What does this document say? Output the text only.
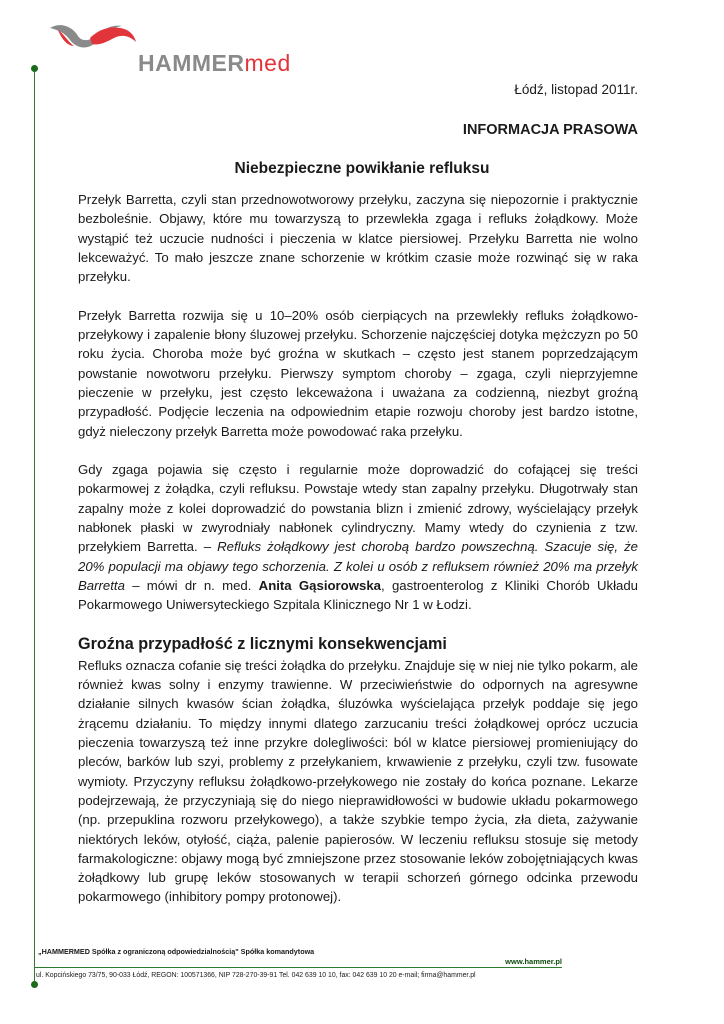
HAMMERmed
Łódź, listopad 2011r.
INFORMACJA PRASOWA
Niebezpieczne powikłanie refluksu

Przełyk Barretta, czyli stan przednowotworowy przełyku, zaczyna się niepozornie i praktycznie bezboleśnie. Objawy, które mu towarzyszą to przewlekła zgaga i refluks żołądkowy. Może wystąpić też uczucie nudności i pieczenia w klatce piersiowej. Przełyku Barretta nie wolno lekceważyć. To mało jeszcze znane schorzenie w krótkim czasie może rozwinąć się w raka przełyku.

Przełyk Barretta rozwija się u 10–20% osób cierpiących na przewlekły refluks żołądkowo-przełykowy i zapalenie błony śluzowej przełyku. Schorzenie najczęściej dotyka mężczyzn po 50 roku życia. Choroba może być groźna w skutkach – często jest stanem poprzedzającym powstanie nowotworu przełyku. Pierwszy symptom choroby – zgaga, czyli nieprzyjemne pieczenie w przełyku, jest często lekceważona i uważana za codzienną, niezbyt groźną przypadłość. Podjęcie leczenia na odpowiednim etapie rozwoju choroby jest bardzo istotne, gdyż nieleczony przełyk Barretta może powodować raka przełyku.

Gdy zgaga pojawia się często i regularnie może doprowadzić do cofającej się treści pokarmowej z żołądka, czyli refluksu. Powstaje wtedy stan zapalny przełyku. Długotrwały stan zapalny może z kolei doprowadzić do powstania blizn i zmienić zdrowy, wyścielający przełyk nabłonek płaski w zwyrodniały nabłonek cylindryczny. Mamy wtedy do czynienia z tzw. przełykiem Barretta. – Refluks żołądkowy jest chorobą bardzo powszechną. Szacuje się, że 20% populacji ma objawy tego schorzenia. Z kolei u osób z refluksem również 20% ma przełyk Barretta – mówi dr n. med. Anita Gąsiorowska, gastroenterolog z Kliniki Chorób Układu Pokarmowego Uniwersyteckiego Szpitala Klinicznego Nr 1 w Łodzi.

Groźna przypadłość z licznymi konsekwencjami

Refluks oznacza cofanie się treści żołądka do przełyku. Znajduje się w niej nie tylko pokarm, ale również kwas solny i enzymy trawienne. W przeciwieństwie do odpornych na agresywne działanie silnych kwasów ścian żołądka, śluzówka wyścielająca przełyk poddaje się jego żrącemu działaniu. To między innymi dlatego zarzucaniu treści żołądkowej oprócz uczucia pieczenia towarzyszą też inne przykre dolegliwości: ból w klatce piersiowej promieniujący do pleców, barków lub szyi, problemy z przełykaniem, krwawienie z przełyku, czyli tzw. fusowate wymioty. Przyczyny refluksu żołądkowo-przełykowego nie zostały do końca poznane. Lekarze podejrzewają, że przyczyniają się do niego nieprawidłowości w budowie układu pokarmowego (np. przepuklina rozworu przełykowego), a także szybkie tempo życia, zła dieta, zażywanie niektórych leków, otyłość, ciąża, palenie papierosów. W leczeniu refluksu stosuje się metody farmakologiczne: objawy mogą być zmniejszone przez stosowanie leków zobojętniających kwas żołądkowy lub grupę leków stosowanych w terapii schorzeń górnego odcinka przewodu pokarmowego (inhibitory pompy protonowej).

„HAMMERMED Spółka z ograniczoną odpowiedzialnością" Spółka komandytowa
www.hammer.pl
ul. Kopcińskiego 73/75, 90-033 Łódź, REGON: 100571366, NIP 728-270-39-91 Tel. 042 639 10 10, fax: 042 639 10 20 e-mail; firma@hammer.pl
